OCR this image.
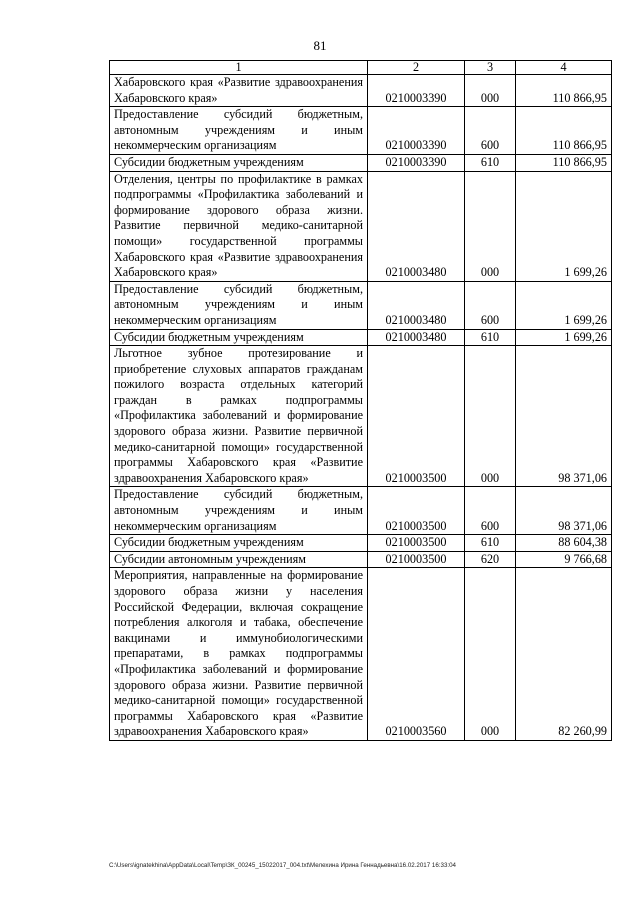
81
1	2	3	4
Хабаровского края «Развитие здравоохранения Хабаровского края»	0210003390	000	110 866,95
Предоставление субсидий бюджетным, автономным учреждениям и иным некоммерческим организациям	0210003390	600	110 866,95
Субсидии бюджетным учреждениям	0210003390	610	110 866,95
Отделения, центры по профилактике в рамках подпрограммы «Профилактика заболеваний и формирование здорового образа жизни. Развитие первичной медико-санитарной помощи» государственной программы Хабаровского края «Развитие здравоохранения Хабаровского края»	0210003480	000	1 699,26
Предоставление субсидий бюджетным, автономным учреждениям и иным некоммерческим организациям	0210003480	600	1 699,26
Субсидии бюджетным учреждениям	0210003480	610	1 699,26
Льготное зубное протезирование и приобретение слуховых аппаратов гражданам пожилого возраста отдельных категорий граждан в рамках подпрограммы «Профилактика заболеваний и формирование здорового образа жизни. Развитие первичной медико-санитарной помощи» государственной программы Хабаровского края «Развитие здравоохранения Хабаровского края»	0210003500	000	98 371,06
Предоставление субсидий бюджетным, автономным учреждениям и иным некоммерческим организациям	0210003500	600	98 371,06
Субсидии бюджетным учреждениям	0210003500	610	88 604,38
Субсидии автономным учреждениям	0210003500	620	9 766,68
Мероприятия, направленные на формирование здорового образа жизни у населения Российской Федерации, включая сокращение потребления алкоголя и табака, обеспечение вакцинами и иммунобиологическими препаратами, в рамках подпрограммы «Профилактика заболеваний и формирование здорового образа жизни. Развитие первичной медико-санитарной помощи» государственной программы Хабаровского края «Развитие здравоохранения Хабаровского края»	0210003560	000	82 260,99
C:\Users\ignatekhina\AppData\Local\Temp\ЗК_00245_15022017_004.txt\Мелехина Ирина Геннадьевна\16.02.2017 16:33:04
